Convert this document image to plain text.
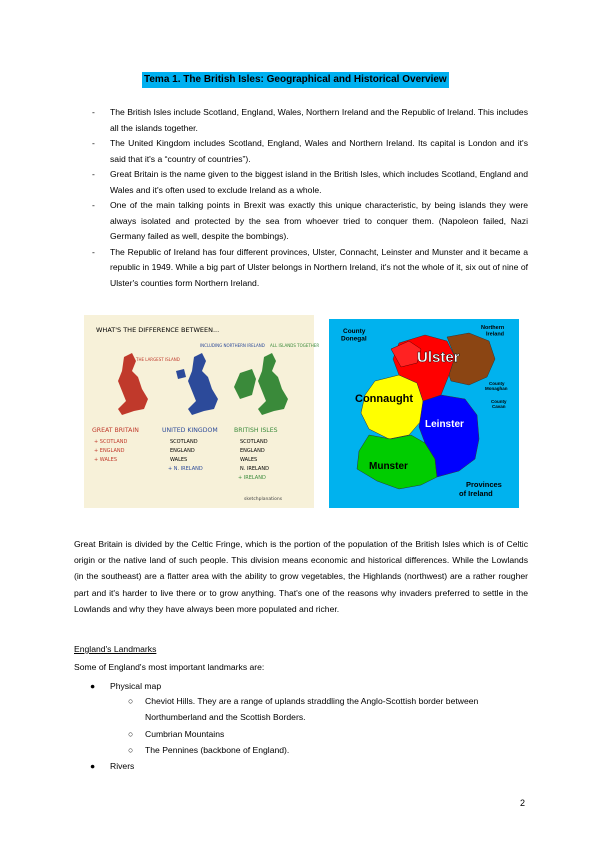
Tema 1. The British Isles: Geographical and Historical Overview
- The British Isles include Scotland, England, Wales, Northern Ireland and the Republic of Ireland. This includes all the islands together.
- The United Kingdom includes Scotland, England, Wales and Northern Ireland. Its capital is London and it's said that it's a “country of countries”).
- Great Britain is the name given to the biggest island in the British Isles, which includes Scotland, England and Wales and it's often used to exclude Ireland as a whole.
- One of the main talking points in Brexit was exactly this unique characteristic, by being islands they were always isolated and protected by the sea from whoever tried to conquer them. (Napoleon failed, Nazi Germany failed as well, despite the bombings).
- The Republic of Ireland has four different provinces, Ulster, Connacht, Leinster and Munster and it became a republic in 1949. While a big part of Ulster belongs in Northern Ireland, it's not the whole of it, six out of nine of Ulster's counties form Northern Ireland.
WHAT'S THE DIFFERENCE BETWEEN...
THE LARGEST ISLAND
INCLUDING NORTHERN IRELAND ALL ISLANDS TOGETHER
GREAT BRITAIN
+ SCOTLAND
+ ENGLAND
+ WALES
UNITED KINGDOM
SCOTLAND
ENGLAND
WALES
+ N. IRELAND
BRITISH ISLES
SCOTLAND
ENGLAND
WALES
N. IRELAND
+ IRELAND
sketchplanations
County Donegal
Northern Ireland
Ulster
Connaught
County Monaghan
County Cavan
Leinster
Munster
Provinces of Ireland

Great Britain is divided by the Celtic Fringe, which is the portion of the population of the British Isles which is of Celtic origin or the native land of such people. This division means economic and historical differences. While the Lowlands (in the southeast) are a flatter area with the ability to grow vegetables, the Highlands (northwest) are a rather rougher part and it's harder to live there or to grow anything. That's one of the reasons why invaders preferred to settle in the Lowlands and why they have always been more populated and richer.

England's Landmarks
Some of England's most important landmarks are:
● Physical map
○ Cheviot Hills. They are a range of uplands straddling the Anglo-Scottish border between Northumberland and the Scottish Borders.
○ Cumbrian Mountains
○ The Pennines (backbone of England).
● Rivers
2
